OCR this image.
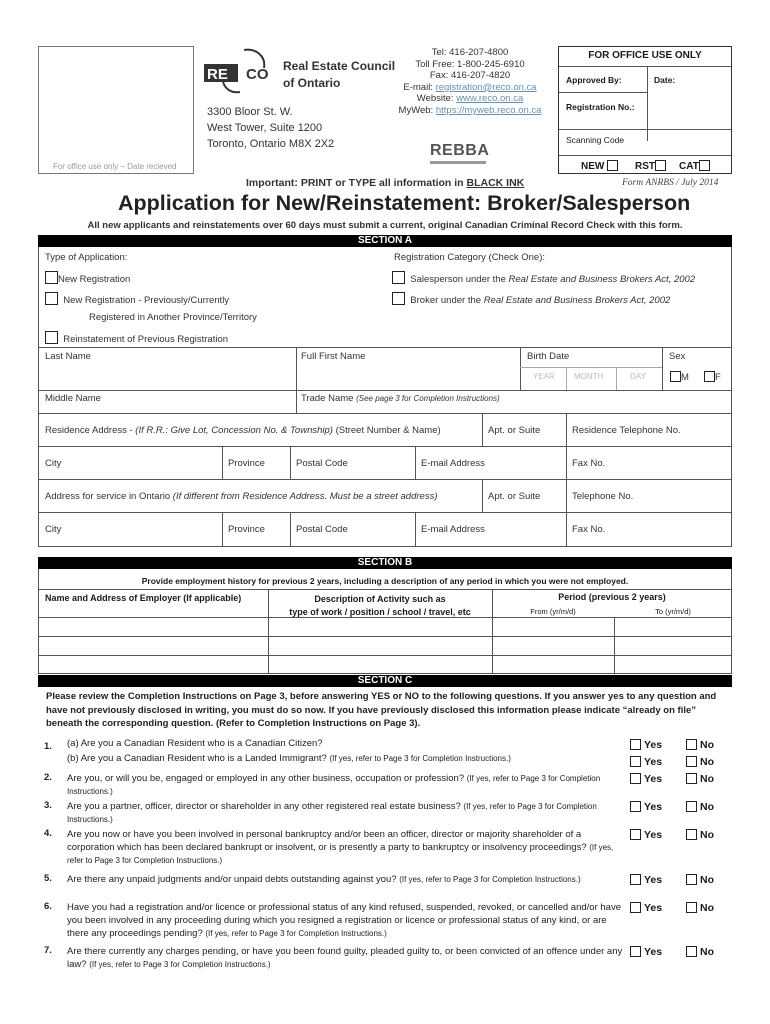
For office use only – Date recieved
RE CO Real Estate Council
of Ontario
3300 Bloor St. W.
West Tower, Suite 1200
Toronto, Ontario M8X 2X2
Tel: 416-207-4800
Toll Free: 1-800-245-6910
Fax: 416-207-4820
E-mail: registration@reco.on.ca
Website: www.reco.on.ca
MyWeb: https://myweb.reco.on.ca
REBBA
FOR OFFICE USE ONLY
Approved By:	Date:
Registration No.:
Scanning Code
NEW	RST	CAT
Important: PRINT or TYPE all information in BLACK INK	Form ANRBS / July 2014
Application for New/Reinstatement: Broker/Salesperson
All new applicants and reinstatements over 60 days must submit a current, original Canadian Criminal Record Check with this form.
SECTION A
Type of Application:	Registration Category (Check One):
New Registration
New Registration - Previously/Currently
Registered in Another Province/Territory
Reinstatement of Previous Registration
Salesperson under the Real Estate and Business Brokers Act, 2002
Broker under the Real Estate and Business Brokers Act, 2002
Last Name	Full First Name	Birth Date	Sex
YEAR MONTH	DAY	M	F
Middle Name	Trade Name (See page 3 for Completion Instructions)
Residence Address - (If R.R.: Give Lot, Concession No. & Township) (Street Number & Name)	Apt. or Suite	Residence Telephone No.
City	Province	Postal Code	E-mail Address	Fax No.
Address for service in Ontario (If different from Residence Address. Must be a street address)	Apt. or Suite	Telephone No.
City	Province	Postal Code	E-mail Address	Fax No.
SECTION B
Provide employment history for previous 2 years, including a description of any period in which you were not employed.
Name and Address of Employer (If applicable)	Description of Activity such as
type of work / position / school / travel, etc
Period (previous 2 years)
From (yr/m/d)	To (yr/m/d)
SECTION C
Please review the Completion Instructions on Page 3, before answering YES or NO to the following questions. If you answer yes to any question and have not previously disclosed in writing, you must do so now. If you have previously disclosed this information please indicate “already on file” beneath the corresponding question. (Refer to Completion Instructions on Page 3).
1. (a) Are you a Canadian Resident who is a Canadian Citizen?
(b) Are you a Canadian Resident who is a Landed Immigrant? (If yes, refer to Page 3 for Completion Instructions.)
Yes	No
Yes	No
2. Are you, or will you be, engaged or employed in any other business, occupation or profession? (If yes, refer to Page 3 for Completion Instructions.)
Yes	No
3. Are you a partner, officer, director or shareholder in any other registered real estate business? (If yes, refer to Page 3 for Completion Instructions.)
Yes	No
4. Are you now or have you been involved in personal bankruptcy and/or been an officer, director or majority shareholder of a corporation which has been declared bankrupt or insolvent, or is presently a party to bankruptcy or insolvency proceedings? (If yes, refer to Page 3 for Completion Instructions.)
Yes	No
5. Are there any unpaid judgments and/or unpaid debts outstanding against you? (If yes, refer to Page 3 for Completion Instructions.)	Yes	No
6. Have you had a registration and/or licence or professional status of any kind refused, suspended, revoked, or cancelled and/or have you been involved in any proceeding during which you resigned a registration or licence or professional status of any kind, or are there any proceedings pending? (If yes, refer to Page 3 for Completion Instructions.)
Yes	No
7. Are there currently any charges pending, or have you been found guilty, pleaded guilty to, or been convicted of an offence under any law? (If yes, refer to Page 3 for Completion Instructions.)
Yes	No
